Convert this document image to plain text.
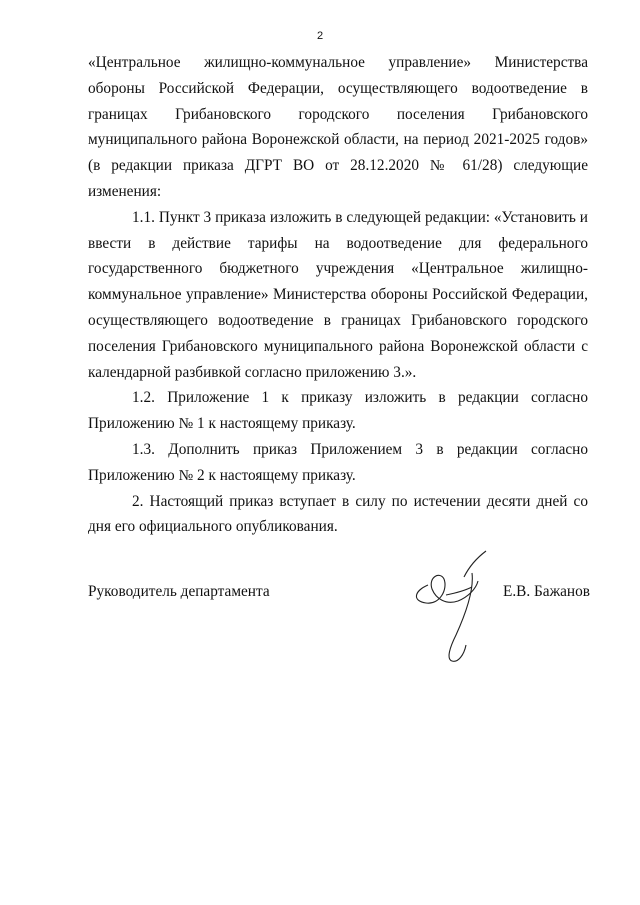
2

«Центральное жилищно-коммунальное управление» Министерства обороны Российской Федерации, осуществляющего водоотведение в границах Грибановского городского поселения Грибановского муниципального района Воронежской области, на период 2021-2025 годов» (в редакции приказа ДГРТ ВО от 28.12.2020 № 61/28) следующие изменения:

1.1. Пункт 3 приказа изложить в следующей редакции: «Установить и ввести в действие тарифы на водоотведение для федерального государственного бюджетного учреждения «Центральное жилищно-коммунальное управление» Министерства обороны Российской Федерации, осуществляющего водоотведение в границах Грибановского городского поселения Грибановского муниципального района Воронежской области с календарной разбивкой согласно приложению 3.».

1.2. Приложение 1 к приказу изложить в редакции согласно Приложению № 1 к настоящему приказу.

1.3. Дополнить приказ Приложением 3 в редакции согласно Приложению № 2 к настоящему приказу.

2. Настоящий приказ вступает в силу по истечении десяти дней со дня его официального опубликования.

Руководитель департамента	Е.В. Бажанов
